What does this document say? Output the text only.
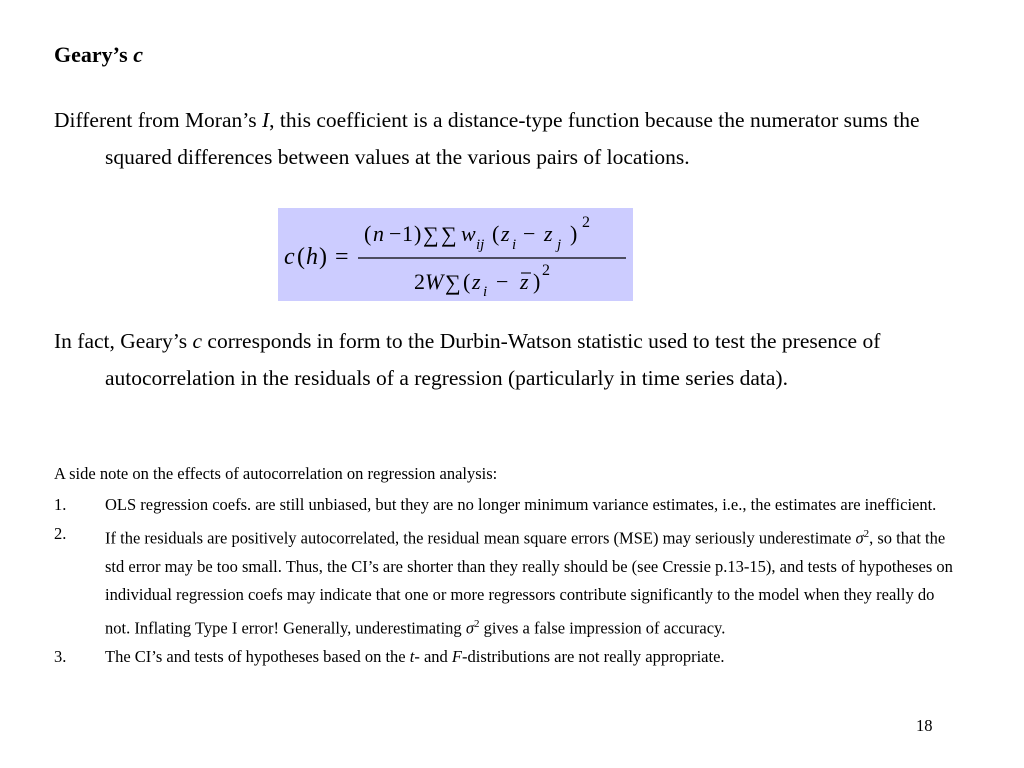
Geary’s c
Different from Moran’s I, this coefficient is a distance-type function because the numerator sums the squared differences between values at the various pairs of locations.
c ( h ) =
( n − 1 ) ∑ ∑ w ij ( z i − z j ) 2
2 W ∑ ( z i − z ) 2
In fact, Geary’s c corresponds in form to the Durbin-Watson statistic used to test the presence of autocorrelation in the residuals of a regression (particularly in time series data).
A side note on the effects of autocorrelation on regression analysis:
1. OLS regression coefs. are still unbiased, but they are no longer minimum variance estimates, i.e., the estimates are inefficient.
2. If the residuals are positively autocorrelated, the residual mean square errors (MSE) may seriously underestimate $\sigma^2$, so that the std error may be too small. Thus, the CI’s are shorter than they really should be (see Cressie p.13-15), and tests of hypotheses on individual regression coefs may indicate that one or more regressors contribute significantly to the model when they really do not. Inflating Type I error! Generally, underestimating $\sigma^2$ gives a false impression of accuracy.
3. The CI’s and tests of hypotheses based on the t- and F-distributions are not really appropriate.
18
